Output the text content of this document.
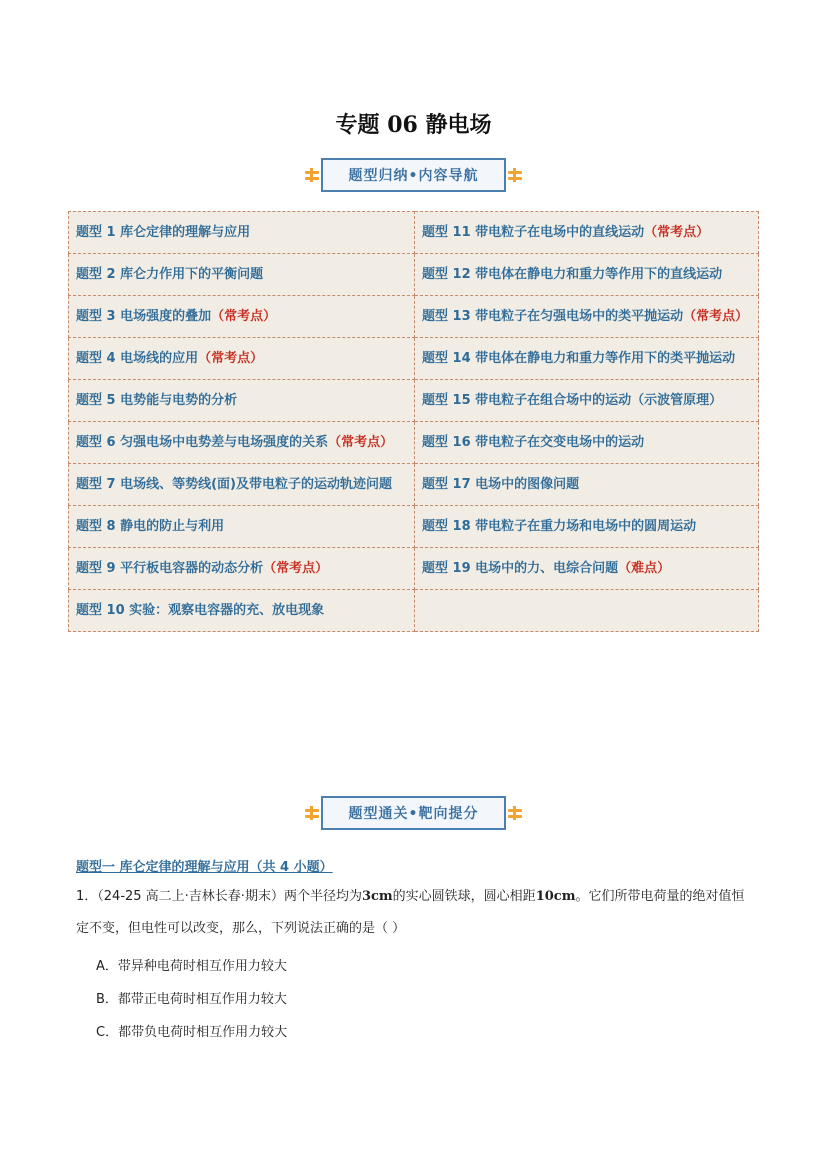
专题 06 静电场
题型归纳•内容导航
题型 1 库仑定律的理解与应用	题型 11 带电粒子在电场中的直线运动（常考点）
题型 2 库仑力作用下的平衡问题	题型 12 带电体在静电力和重力等作用下的直线运动
题型 3 电场强度的叠加（常考点）	题型 13 带电粒子在匀强电场中的类平抛运动（常考点）
题型 4 电场线的应用（常考点）	题型 14 带电体在静电力和重力等作用下的类平抛运动
题型 5 电势能与电势的分析	题型 15 带电粒子在组合场中的运动（示波管原理）
题型 6 匀强电场中电势差与电场强度的关系（常考点）	题型 16 带电粒子在交变电场中的运动
题型 7 电场线、等势线(面)及带电粒子的运动轨迹问题	题型 17 电场中的图像问题
题型 8 静电的防止与利用	题型 18 带电粒子在重力场和电场中的圆周运动
题型 9 平行板电容器的动态分析（常考点）	题型 19 电场中的力、电综合问题（难点）
题型 10 实验：观察电容器的充、放电现象	
题型通关•靶向提分
题型一 库仑定律的理解与应用（共 4 小题）
1．（24-25 高二上·吉林长春·期末）两个半径均为3cm的实心圆铁球，圆心相距10cm。它们所带电荷量的绝对值恒定不变，但电性可以改变，那么，下列说法正确的是（ ）
A．带异种电荷时相互作用力较大
B．都带正电荷时相互作用力较大
C．都带负电荷时相互作用力较大
